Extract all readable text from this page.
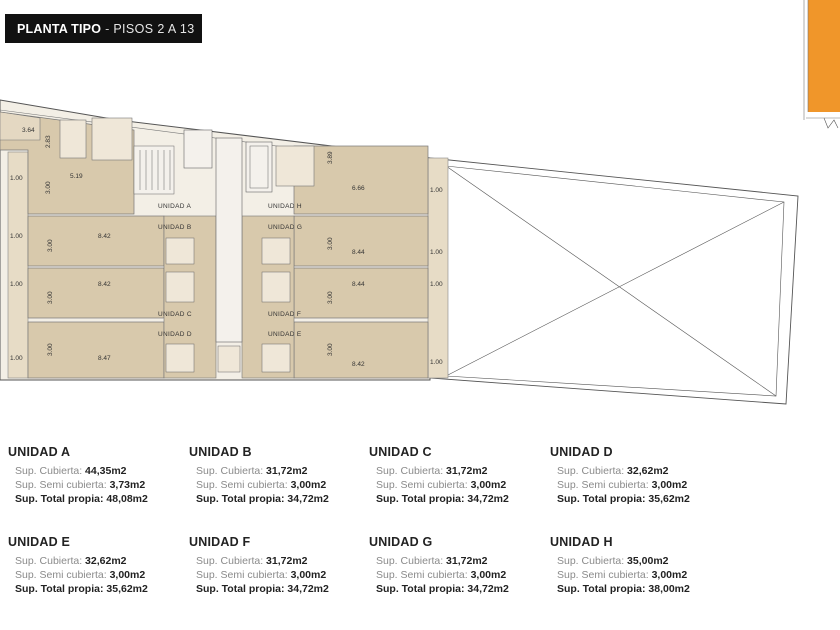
PLANTA TIPO - PISOS 2 A 13
3.64
2.83
5.19
3.00
3.89
6.66
8.42
3.00
8.44
3.00
8.42
3.00
8.44
3.00
8.47
3.00
8.42
3.00
1.00
1.00
1.00
1.00
1.00
1.00
1.00
1.00
UNIDAD A
UNIDAD B
UNIDAD C
UNIDAD D	UNIDAD E
UNIDAD F
UNIDAD G
UNIDAD H
UNIDAD A
Sup. Cubierta: 44,35m2
Sup. Semi cubierta: 3,73m2
Sup. Total propia: 48,08m2
UNIDAD B
Sup. Cubierta: 31,72m2
Sup. Semi cubierta: 3,00m2
Sup. Total propia: 34,72m2
UNIDAD C
Sup. Cubierta: 31,72m2
Sup. Semi cubierta: 3,00m2
Sup. Total propia: 34,72m2
UNIDAD D
Sup. Cubierta: 32,62m2
Sup. Semi cubierta: 3,00m2
Sup. Total propia: 35,62m2
UNIDAD E
Sup. Cubierta: 32,62m2
Sup. Semi cubierta: 3,00m2
Sup. Total propia: 35,62m2
UNIDAD F
Sup. Cubierta: 31,72m2
Sup. Semi cubierta: 3,00m2
Sup. Total propia: 34,72m2
UNIDAD G
Sup. Cubierta: 31,72m2
Sup. Semi cubierta: 3,00m2
Sup. Total propia: 34,72m2
UNIDAD H
Sup. Cubierta: 35,00m2
Sup. Semi cubierta: 3,00m2
Sup. Total propia: 38,00m2
